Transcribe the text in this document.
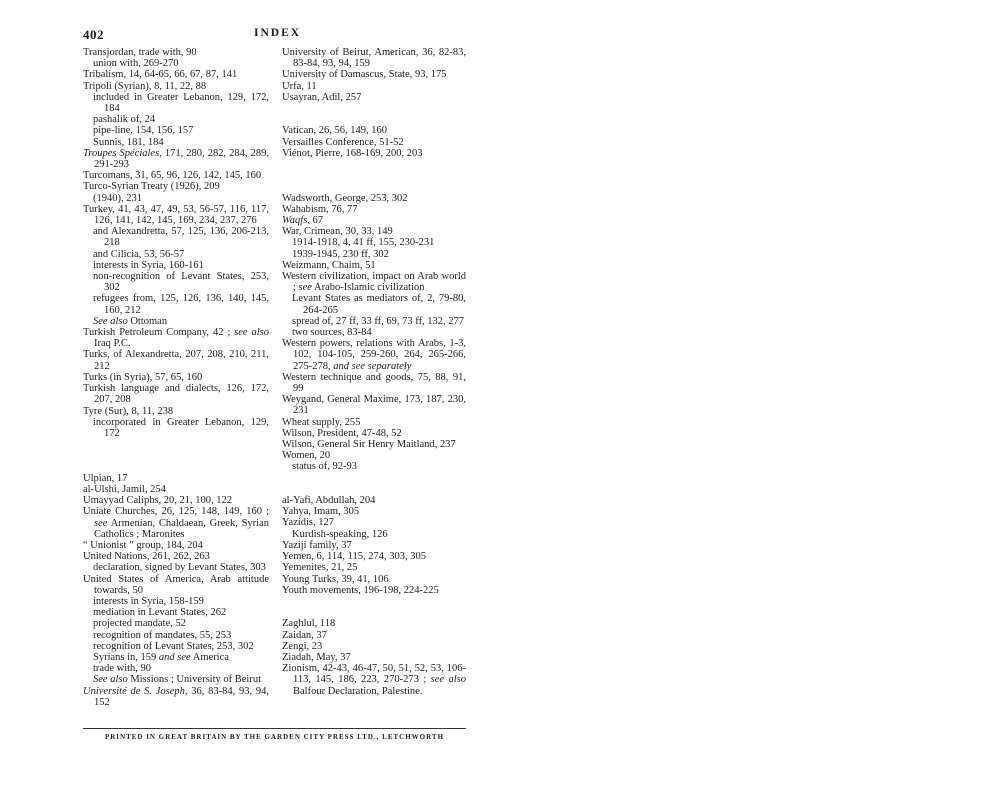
402	INDEX
Transjordan, trade with, 90
union with, 269-270
Tribalism, 14, 64-65, 66, 67, 87, 141
Tripoli (Syrian), 8, 11, 22, 88
included in Greater Lebanon, 129, 172, 184
pashalik of, 24
pipe-line, 154, 156, 157
Sunnis, 181, 184
Troupes Spéciales, 171, 280, 282, 284, 289, 291-293
Turcomans, 31, 65, 96, 126, 142, 145, 160
Turco-Syrian Treaty (1926), 209
(1940), 231
Turkey, 41, 43, 47, 49, 53, 56-57, 116, 117, 126, 141, 142, 145, 169, 234, 237, 276
and Alexandretta, 57, 125, 136, 206-213, 218
and Cilicia, 53, 56-57
interests in Syria, 160-161
non-recognition of Levant States, 253, 302
refugees from, 125, 126, 136, 140, 145, 160, 212
See also Ottoman
Turkish Petroleum Company, 42 ; see also Iraq P.C.
Turks, of Alexandretta, 207, 208, 210, 211, 212
Turks (in Syria), 57, 65, 160
Turkish language and dialects, 126, 172, 207, 208
Tyre (Sur), 8, 11, 238
incorporated in Greater Lebanon, 129, 172
Ulpian, 17
al-Ulshi, Jamil, 254
Umayyad Caliphs, 20, 21, 100, 122
Uniate Churches, 26, 125, 148, 149, 160 ; see Armenian, Chaldaean, Greek, Syrian Catholics ; Maronites
“ Unionist ” group, 184, 204
United Nations, 261, 262, 263
declaration, signed by Levant States, 303
United States of America, Arab attitude towards, 50
interests in Syria, 158-159
mediation in Levant States, 262
projected mandate, 52
recognition of mandates, 55, 253
recognition of Levant States, 253, 302
Syrians in, 159 and see America
trade with, 90
See also Missions ; University of Beirut
Université de S. Joseph, 36, 83-84, 93, 94, 152
University of Beirut, American, 36, 82-83, 83-84, 93, 94, 159
University of Damascus, State, 93, 175
Urfa, 11
Usayran, Adil, 257
Vatican, 26, 56, 149, 160
Versailles Conference, 51-52
Viénot, Pierre, 168-169, 200, 203
Wadsworth, George, 253, 302
Wahabism, 76, 77
Waqfs, 67
War, Crimean, 30, 33, 149
1914-1918, 4, 41 ff, 155, 230-231
1939-1945, 230 ff, 302
Weizmann, Chaim, 51
Western civilization, impact on Arab world ; see Arabo-Islamic civilization
Levant States as mediators of, 2, 79-80, 264-265
spread of, 27 ff, 33 ff, 69, 73 ff, 132, 277
two sources, 83-84
Western powers, relations with Arabs, 1-3, 102, 104-105, 259-260, 264, 265-266, 275-278, and see separately
Western technique and goods, 75, 88, 91, 99
Weygand, General Maxime, 173, 187, 230, 231
Wheat supply, 255
Wilson, President, 47-48, 52
Wilson, General Sir Henry Maitland, 237
Women, 20
status of, 92-93
al-Yafi, Abdullah, 204
Yahya, Imam, 305
Yazidis, 127
Kurdish-speaking, 126
Yaziji family, 37
Yemen, 6, 114, 115, 274, 303, 305
Yemenites, 21, 25
Young Turks, 39, 41, 106
Youth movements, 196-198, 224-225
Zaghlul, 118
Zaidan, 37
Zengi, 23
Ziadah, May, 37
Zionism, 42-43, 46-47, 50, 51, 52, 53, 106-113, 145, 186, 223, 270-273 ; see also Balfour Declaration, Palestine.
PRINTED IN GREAT BRITAIN BY THE GARDEN CITY PRESS LTD., LETCHWORTH
